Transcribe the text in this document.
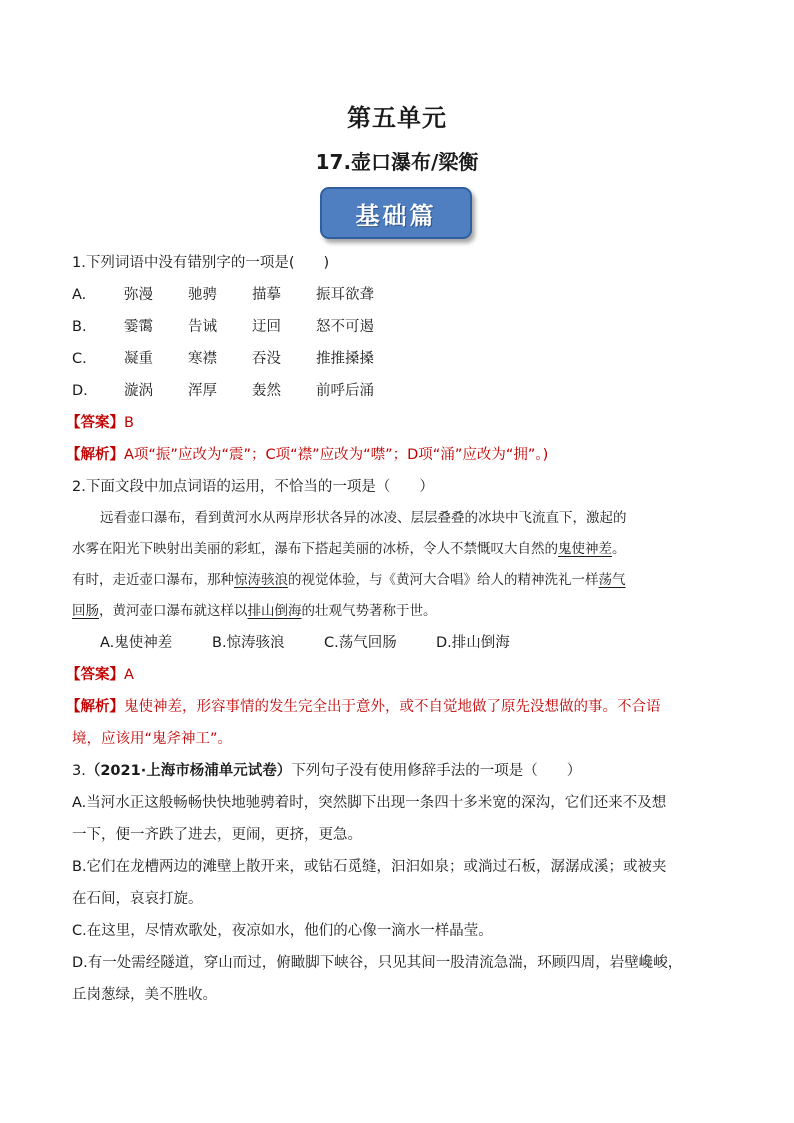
第五单元
17.壶口瀑布/梁衡
基础篇
1.下列词语中没有错别字的一项是(　　)
A.	弥漫 驰骋 描摹 振耳欲聋
B.	霎霭 告诫 迂回 怒不可遏
C.	凝重 寒襟 吞没 推推搡搡
D. 漩涡 浑厚 轰然 前呼后涌
【答案】B
【解析】A项“振”应改为“震”；C项“襟”应改为“噤”；D项“涌”应改为“拥”。)
2.下面文段中加点词语的运用，不恰当的一项是（　　）
远看壶口瀑布，看到黄河水从两岸形状各异的冰凌、层层叠叠的冰块中飞流直下，激起的
水雾在阳光下映射出美丽的彩虹，瀑布下搭起美丽的冰桥，令人不禁慨叹大自然的鬼使神差。
有时，走近壶口瀑布，那种惊涛骇浪的视觉体验，与《黄河大合唱》给人的精神洗礼一样荡气
回肠，黄河壶口瀑布就这样以排山倒海的壮观气势著称于世。
A.鬼使神差	B.惊涛骇浪	C.荡气回肠	D.排山倒海
【答案】A
【解析】鬼使神差，形容事情的发生完全出于意外，或不自觉地做了原先没想做的事。不合语
境，应该用“鬼斧神工”。
3.（2021·上海市杨浦单元试卷）下列句子没有使用修辞手法的一项是（　　）
A.当河水正这般畅畅快快地驰骋着时，突然脚下出现一条四十多米宽的深沟，它们还来不及想
一下，便一齐跌了进去，更闹，更挤，更急。
B.它们在龙槽两边的滩壁上散开来，或钻石觅缝，汩汩如泉；或淌过石板，潺潺成溪；或被夹
在石间，哀哀打旋。
C.在这里，尽情欢歌处，夜凉如水，他们的心像一滴水一样晶莹。
D.有一处需经隧道，穿山而过，俯瞰脚下峡谷，只见其间一股清流急湍，环顾四周，岩壁巉峻，
丘岗葱绿，美不胜收。
